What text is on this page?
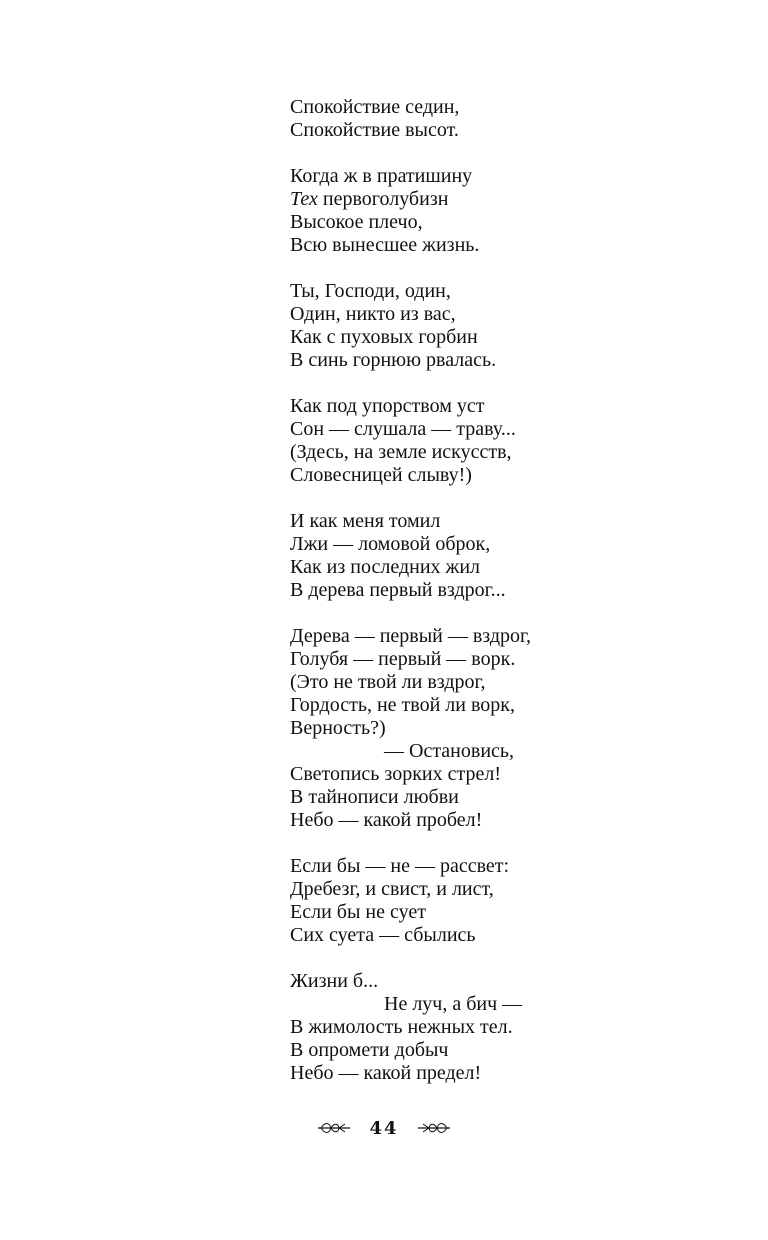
Спокойствие седин,
Спокойствие высот.
Когда ж в пратишину
Тех первоголубизн
Высокое плечо,
Всю вынесшее жизнь.
Ты, Господи, один,
Один, никто из вас,
Как с пуховых горбин
В синь горнюю рвалась.
Как под упорством уст
Сон — слушала — траву...
(Здесь, на земле искусств,
Словесницей слыву!)
И как меня томил
Лжи — ломовой оброк,
Как из последних жил
В дерева первый вздрог...
Дерева — первый — вздрог,
Голубя — первый — ворк.
(Это не твой ли вздрог,
Гордость, не твой ли ворк,
Верность?)
— Остановись,
Светопись зорких стрел!
В тайнописи любви
Небо — какой пробел!
Если бы — не — рассвет:
Дребезг, и свист, и лист,
Если бы не сует
Сих суета — сбылись
Жизни б...
Не луч, а бич —
В жимолость нежных тел.
В опромети добыч
Небо — какой предел!
44
